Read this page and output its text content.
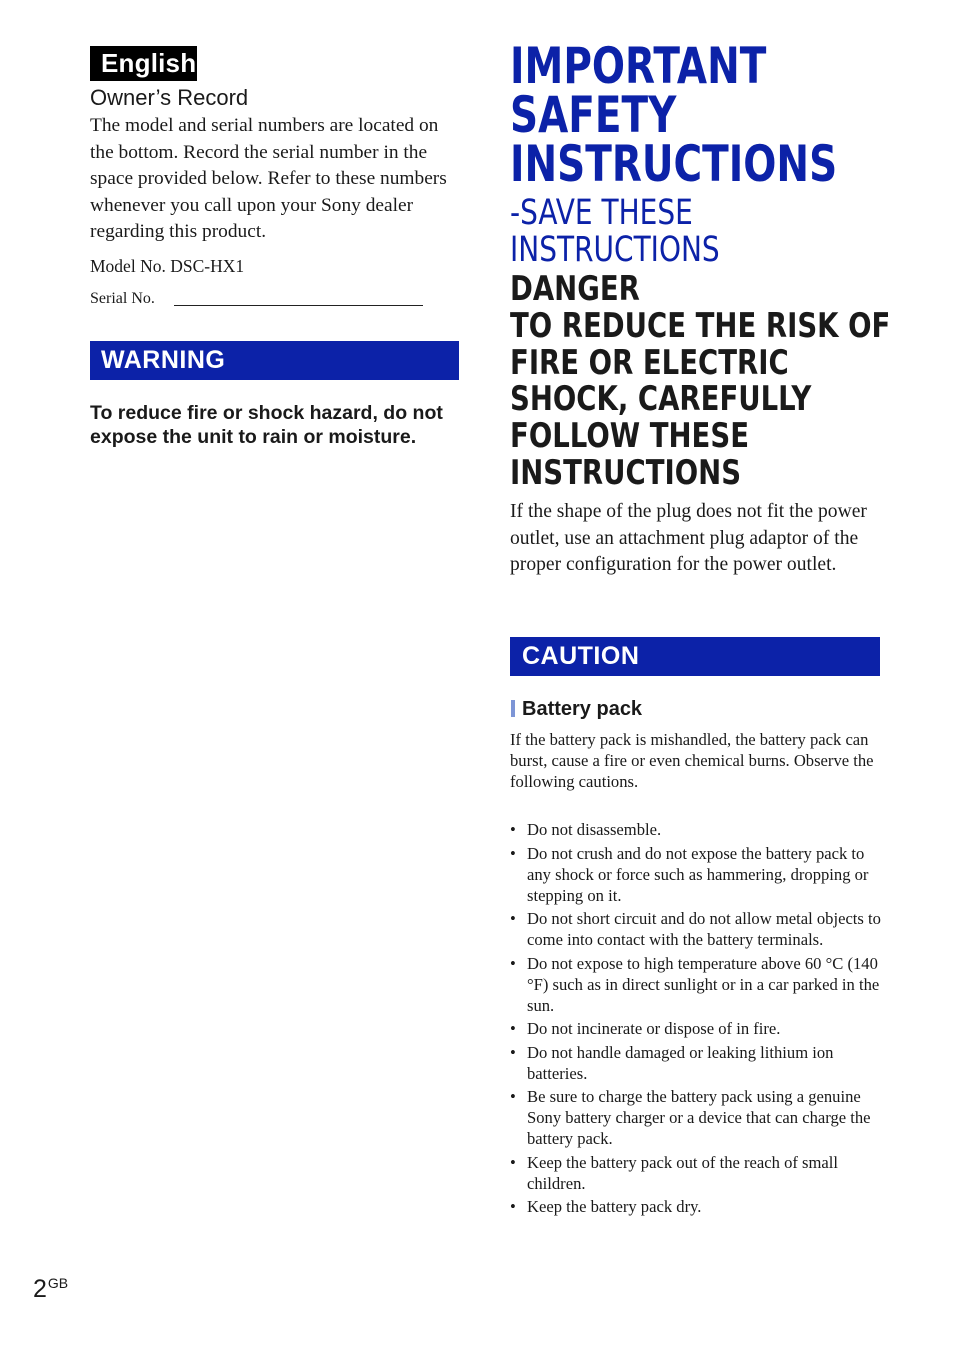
English
Owner’s Record
The model and serial numbers are located on the bottom. Record the serial number in the space provided below. Refer to these numbers whenever you call upon your Sony dealer regarding this product.
Model No. DSC-HX1
Serial No.
WARNING
To reduce fire or shock hazard, do not expose the unit to rain or moisture.
IMPORTANT
SAFETY
INSTRUCTIONS
-SAVE THESE
INSTRUCTIONS
DANGER
TO REDUCE THE RISK OF
FIRE OR ELECTRIC
SHOCK, CAREFULLY
FOLLOW THESE
INSTRUCTIONS
If the shape of the plug does not fit the power outlet, use an attachment plug adaptor of the proper configuration for the power outlet.
CAUTION
Battery pack
If the battery pack is mishandled, the battery pack can burst, cause a fire or even chemical burns. Observe the following cautions.
• Do not disassemble.
• Do not crush and do not expose the battery pack to any shock or force such as hammering, dropping or stepping on it.
• Do not short circuit and do not allow metal objects to come into contact with the battery terminals.
• Do not expose to high temperature above 60 °C (140 °F) such as in direct sunlight or in a car parked in the sun.
• Do not incinerate or dispose of in fire.
• Do not handle damaged or leaking lithium ion batteries.
• Be sure to charge the battery pack using a genuine Sony battery charger or a device that can charge the battery pack.
• Keep the battery pack out of the reach of small children.
• Keep the battery pack dry.
$2^{GB}$
